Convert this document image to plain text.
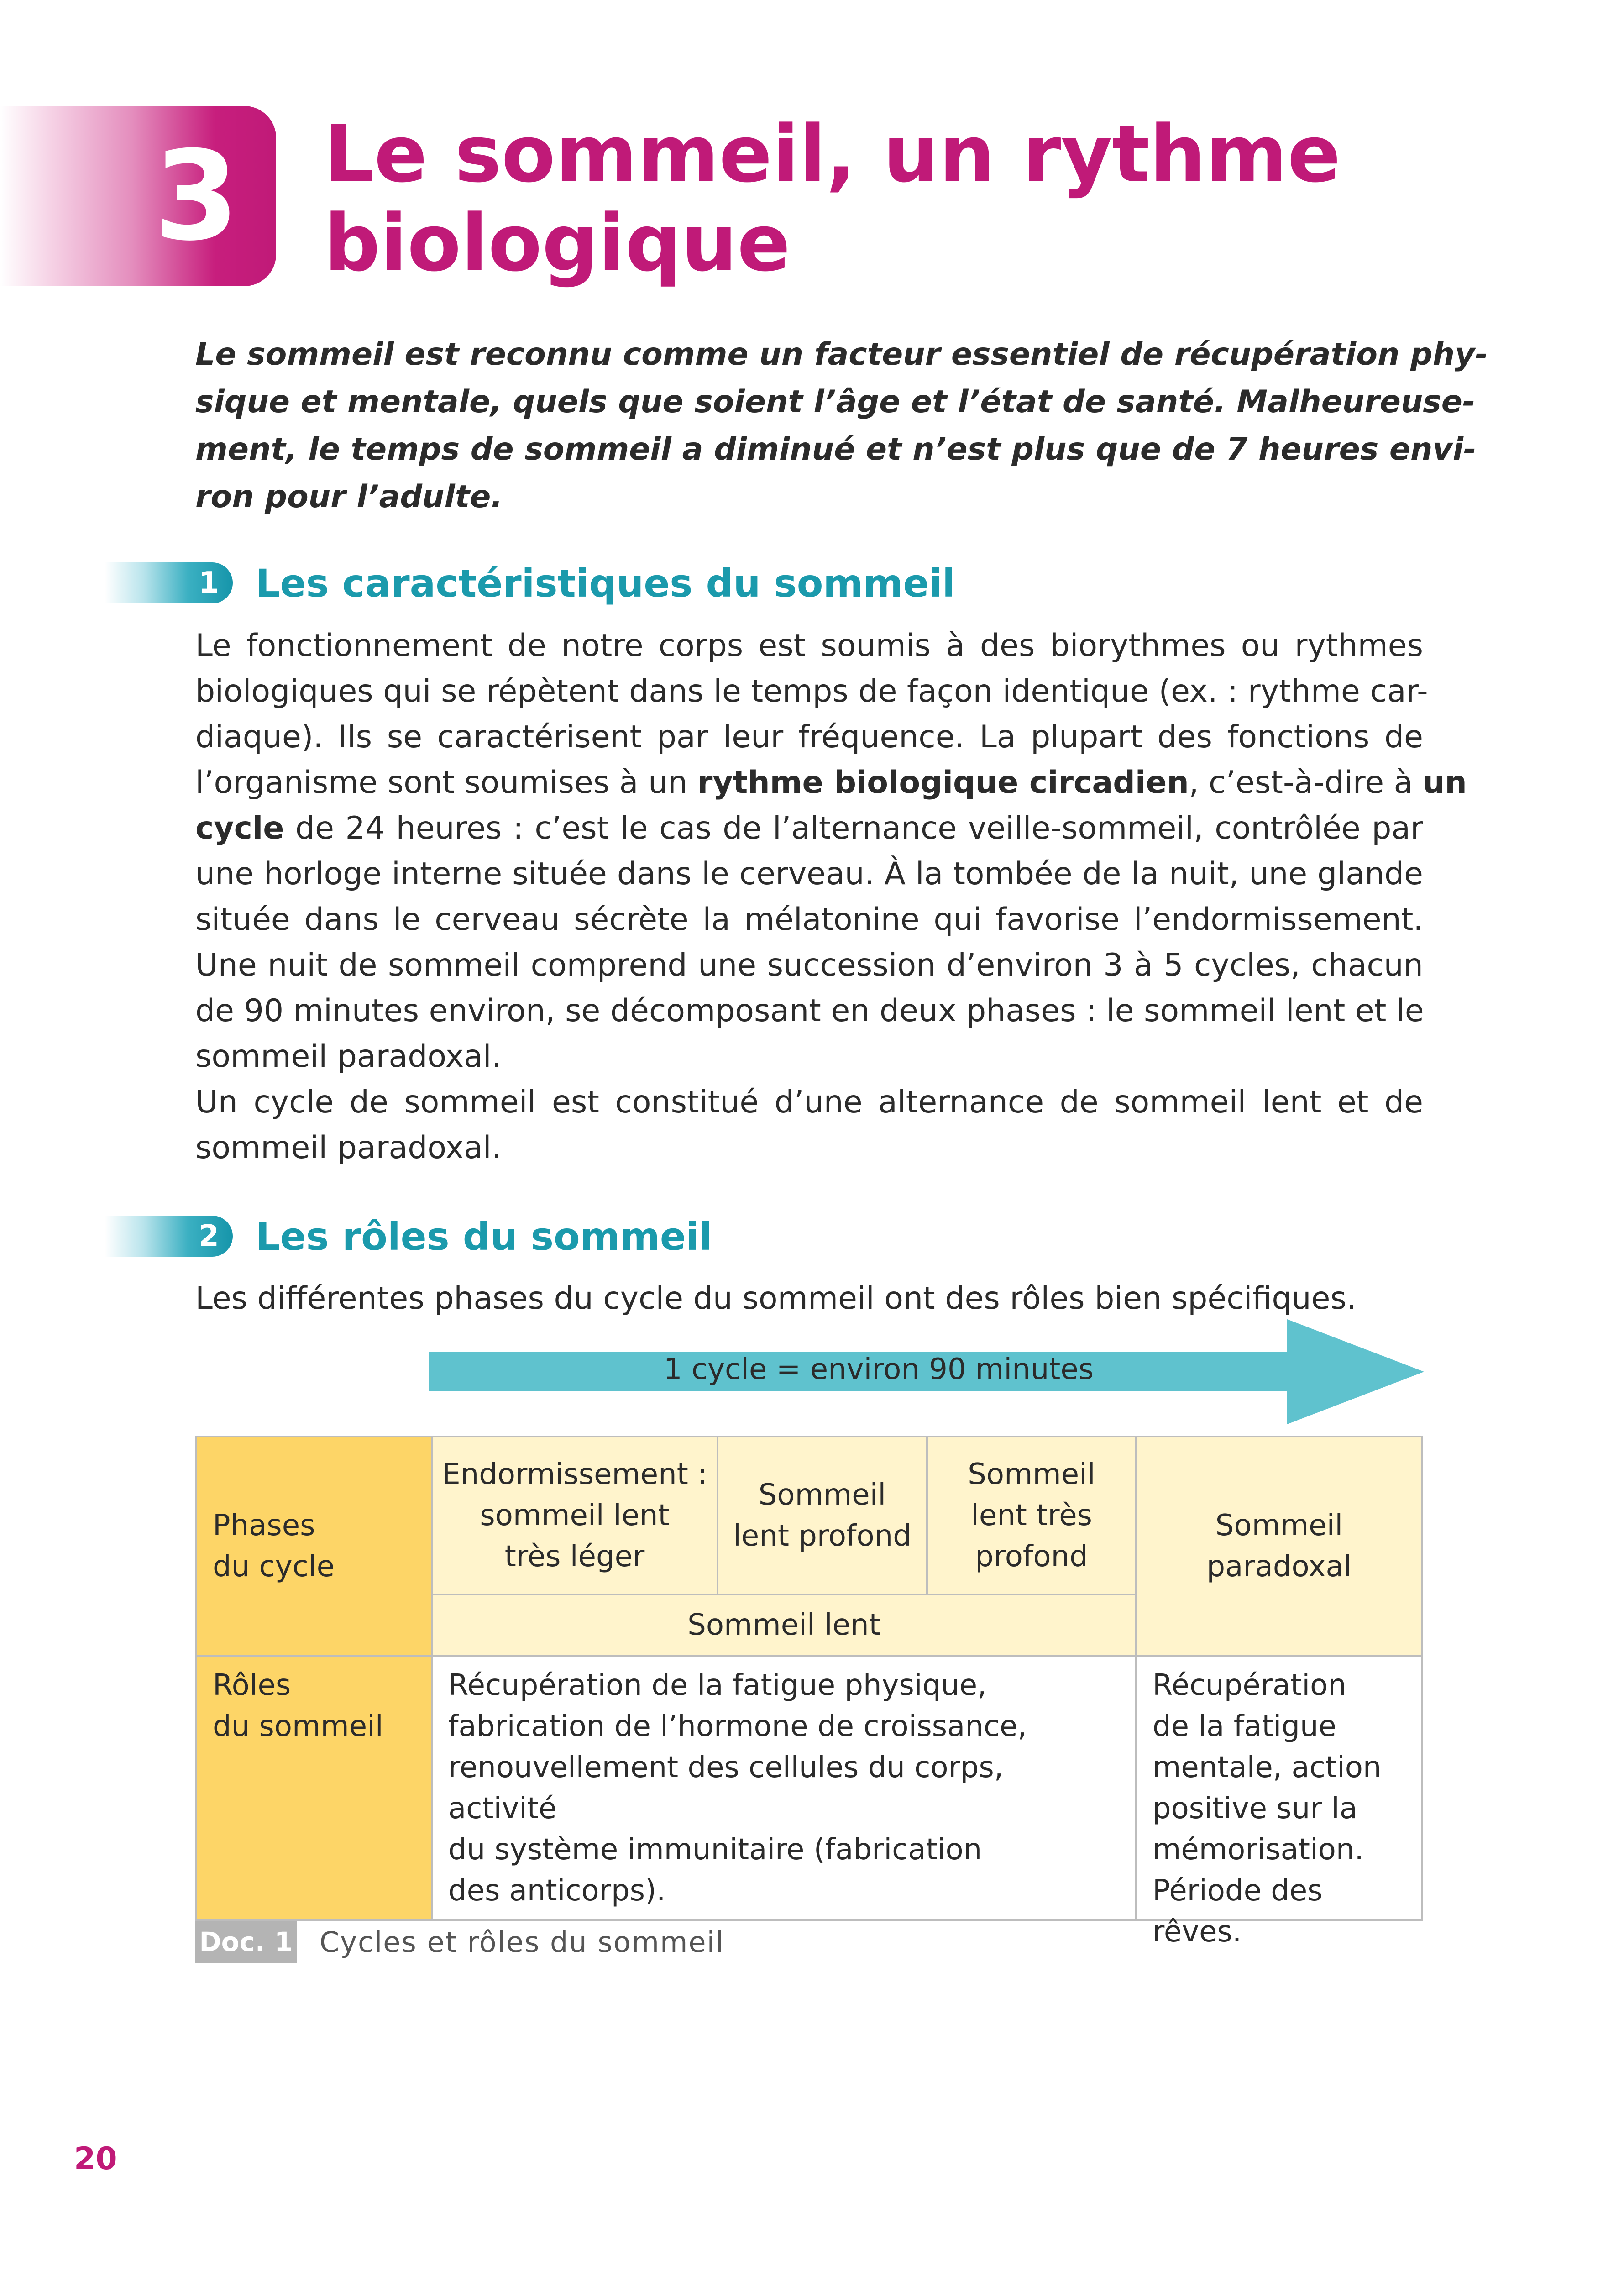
3 Le sommeil, un rythme
biologique
Le sommeil est reconnu comme un facteur essentiel de récupération phy-
sique et mentale, quels que soient l’âge et l’état de santé. Malheureuse-
ment, le temps de sommeil a diminué et n’est plus que de 7 heures envi-
ron pour l’adulte.
1 Les caractéristiques du sommeil
Le fonctionnement de notre corps est soumis à des biorythmes ou rythmes
biologiques qui se répètent dans le temps de façon identique (ex. : rythme car-
diaque). Ils se caractérisent par leur fréquence. La plupart des fonctions de
l’organisme sont soumises à un rythme biologique circadien, c’est-à-dire à un
cycle de 24 heures : c’est le cas de l’alternance veille-sommeil, contrôlée par
une horloge interne située dans le cerveau. À la tombée de la nuit, une glande
située dans le cerveau sécrète la mélatonine qui favorise l’endormissement.
Une nuit de sommeil comprend une succession d’environ 3 à 5 cycles, chacun
de 90 minutes environ, se décomposant en deux phases : le sommeil lent et le
sommeil paradoxal.
Un cycle de sommeil est constitué d’une alternance de sommeil lent et de
sommeil paradoxal.
2 Les rôles du sommeil
Les différentes phases du cycle du sommeil ont des rôles bien spécifiques.
1 cycle = environ 90 minutes
Phases
du cycle
Endormissement :
sommeil lent
très léger
Sommeil
lent profond
Sommeil
lent très
profond
Sommeil
paradoxal
Sommeil lent
Rôles
du sommeil
Récupération de la fatigue physique,
fabrication de l’hormone de croissance,
renouvellement des cellules du corps, activité
du système immunitaire (fabrication
des anticorps).
Récupération
de la fatigue
mentale, action
positive sur la
mémorisation.
Période des rêves.
Doc. 1 Cycles et rôles du sommeil
20
